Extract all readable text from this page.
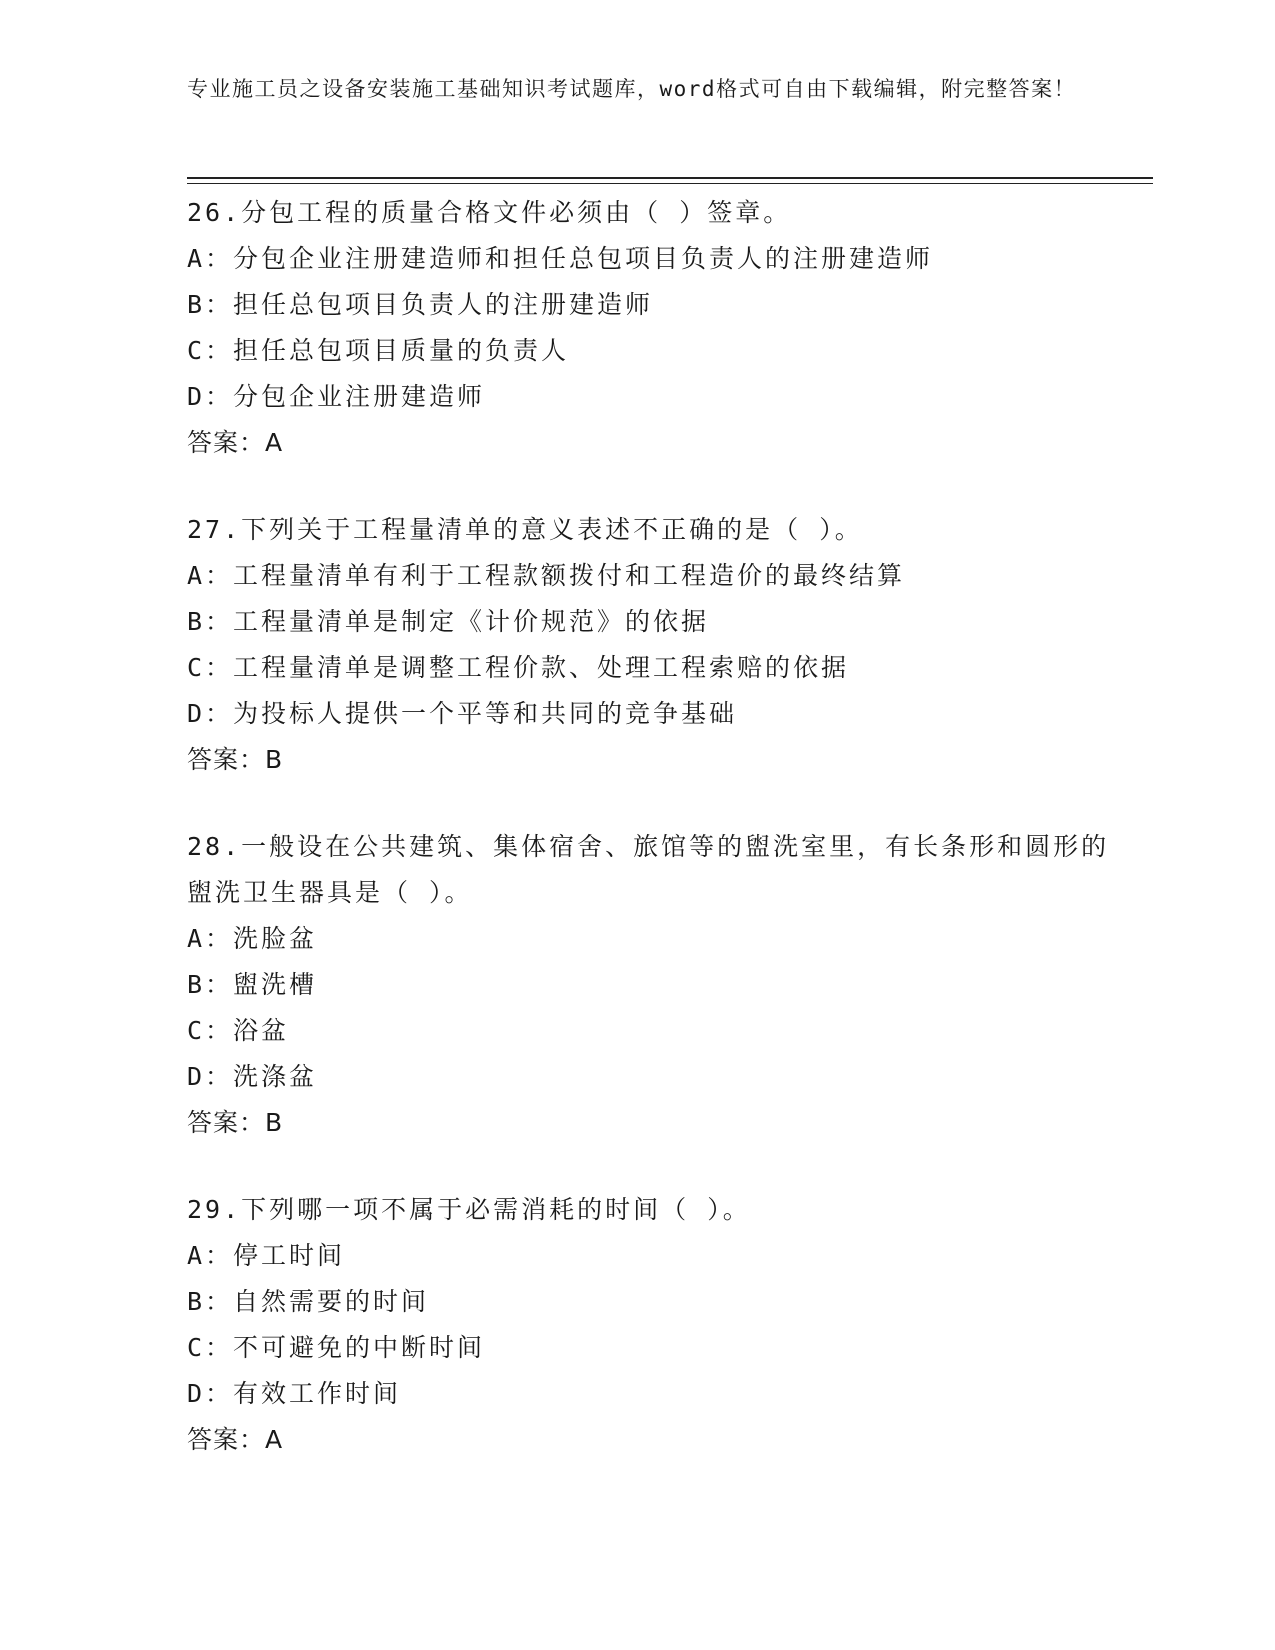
专业施工员之设备安装施工基础知识考试题库，word格式可自由下载编辑，附完整答案！
26.分包工程的质量合格文件必须由（ ）签章。
A：分包企业注册建造师和担任总包项目负责人的注册建造师
B：担任总包项目负责人的注册建造师
C：担任总包项目质量的负责人
D：分包企业注册建造师
答案：A
27.下列关于工程量清单的意义表述不正确的是（ ）。
A：工程量清单有利于工程款额拨付和工程造价的最终结算
B：工程量清单是制定《计价规范》的依据
C：工程量清单是调整工程价款、处理工程索赔的依据
D：为投标人提供一个平等和共同的竞争基础
答案：B
28.一般设在公共建筑、集体宿舍、旅馆等的盥洗室里，有长条形和圆形的盥洗卫生器具是（ ）。
A：洗脸盆
B：盥洗槽
C：浴盆
D：洗涤盆
答案：B
29.下列哪一项不属于必需消耗的时间（ ）。
A：停工时间
B：自然需要的时间
C：不可避免的中断时间
D：有效工作时间
答案：A
